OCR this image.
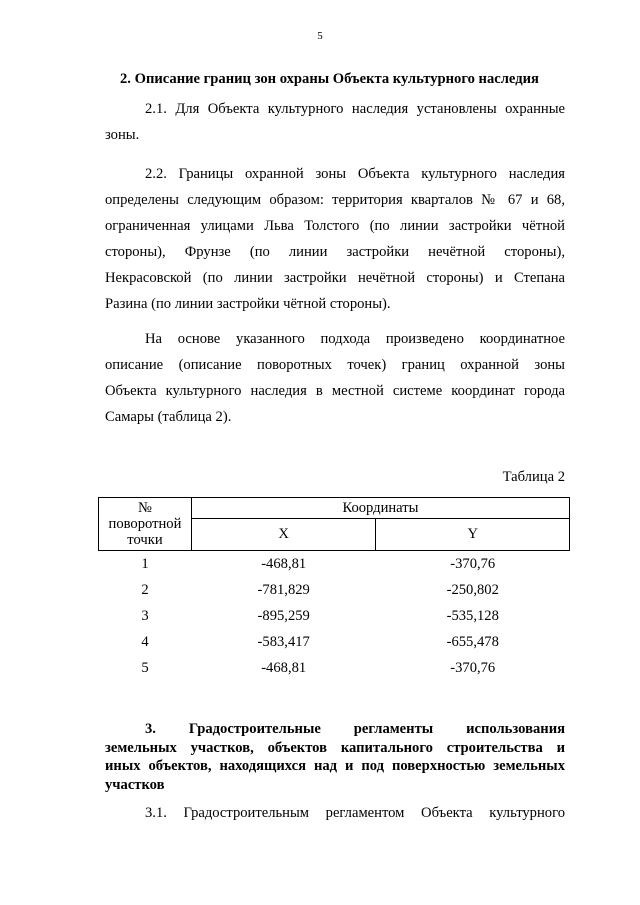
5
2. Описание границ зон охраны Объекта культурного наследия
2.1. Для Объекта культурного наследия установлены охранные
зоны.
2.2. Границы охранной зоны Объекта культурного наследия
определены следующим образом: территория кварталов № 67 и 68,
ограниченная улицами Льва Толстого (по линии застройки чётной
стороны), Фрунзе (по линии застройки нечётной стороны),
Некрасовской (по линии застройки нечётной стороны) и Степана
Разина (по линии застройки чётной стороны).
На основе указанного подхода произведено координатное
описание (описание поворотных точек) границ охранной зоны
Объекта культурного наследия в местной системе координат города
Самары (таблица 2).
Таблица 2
№
поворотной
точки	Координаты	
	X	Y
1	-468,81	-370,76
2	-781,829	-250,802
3	-895,259	-535,128
4	-583,417	-655,478
5	-468,81	-370,76
3. Градостроительные регламенты использования
земельных участков, объектов капитального строительства и
иных объектов, находящихся над и под поверхностью земельных
участков
3.1. Градостроительным регламентом Объекта культурного
